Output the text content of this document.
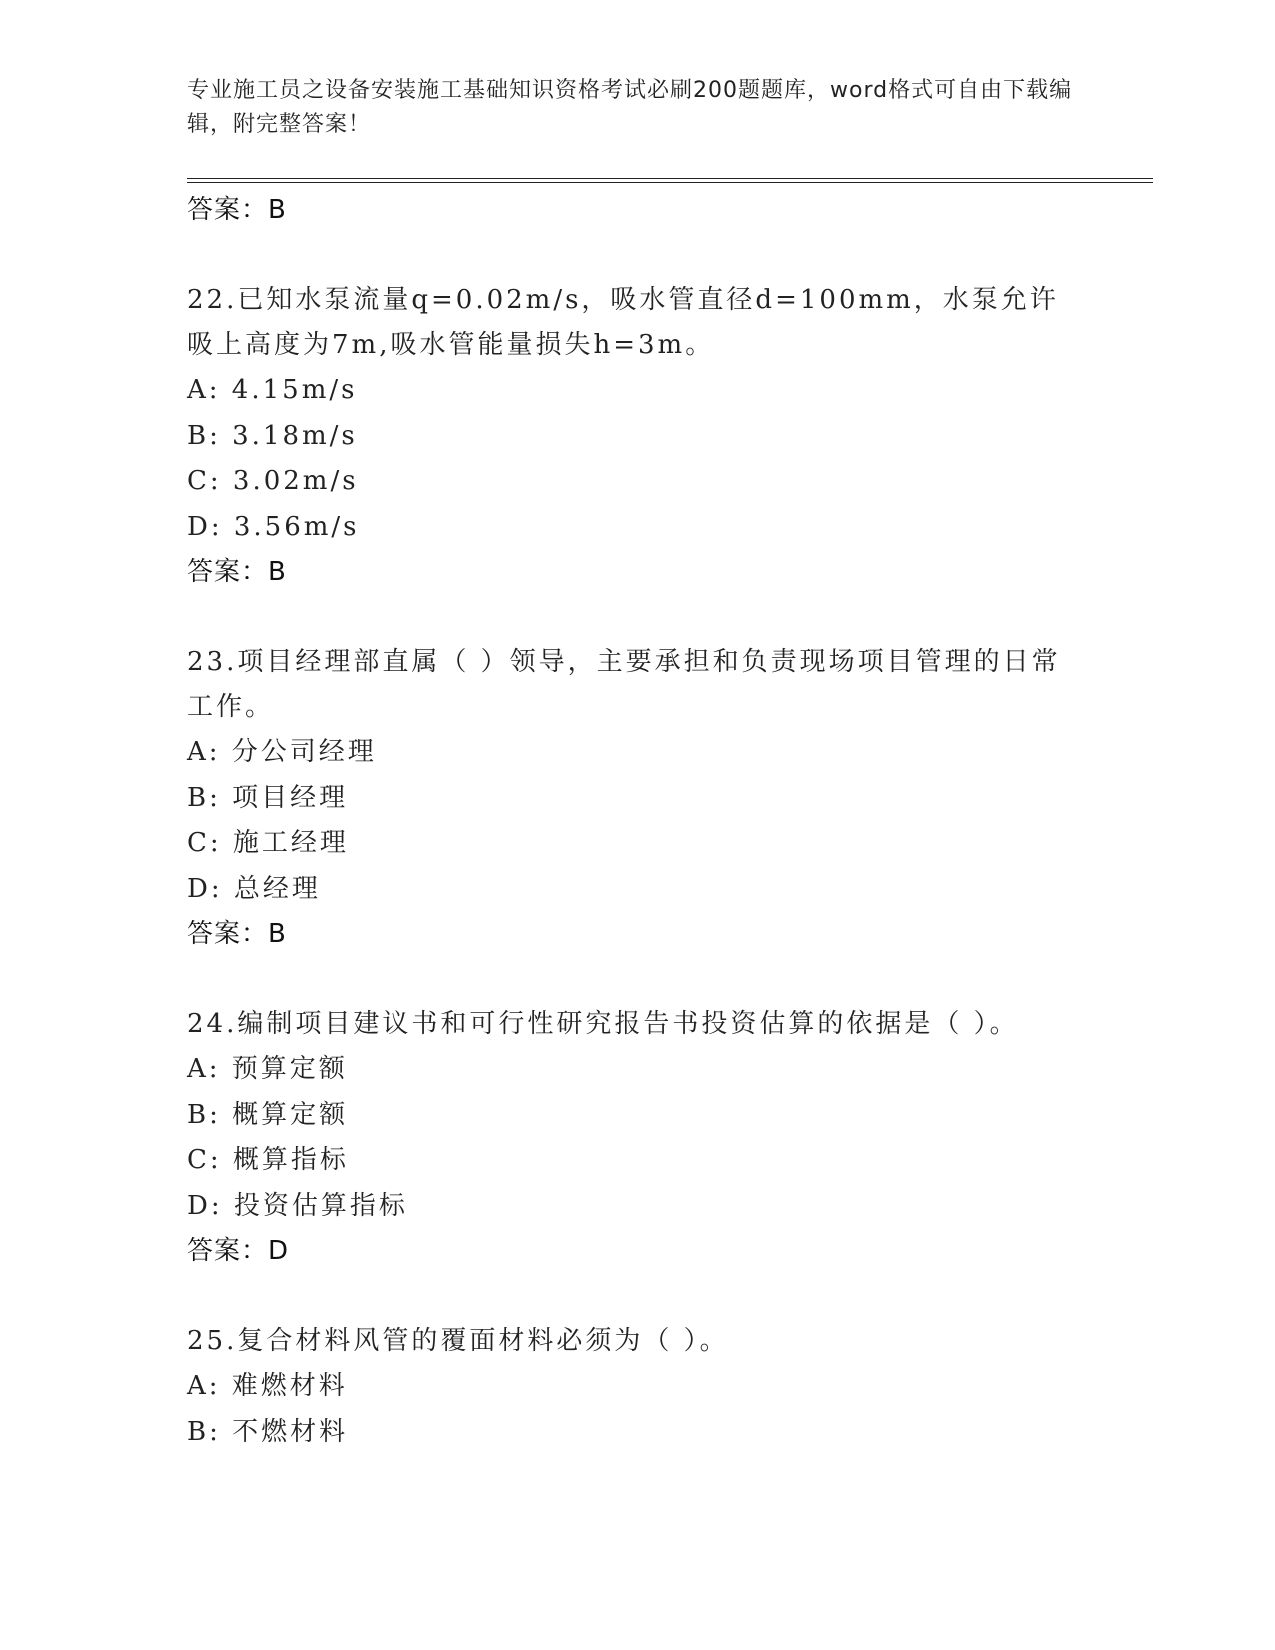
专业施工员之设备安装施工基础知识资格考试必刷200题题库，word格式可自由下载编辑，附完整答案！
答案：B
22.已知水泵流量q=0.02m/s，吸水管直径d=100mm，水泵允许吸上高度为7m,吸水管能量损失h=3m。
A: 4.15m/s
B: 3.18m/s
C: 3.02m/s
D: 3.56m/s
答案：B
23.项目经理部直属（ ）领导，主要承担和负责现场项目管理的日常工作。
A: 分公司经理
B: 项目经理
C: 施工经理
D: 总经理
答案：B
24.编制项目建议书和可行性研究报告书投资估算的依据是（ ）。
A: 预算定额
B: 概算定额
C: 概算指标
D: 投资估算指标
答案：D
25.复合材料风管的覆面材料必须为（ ）。
A: 难燃材料
B: 不燃材料
